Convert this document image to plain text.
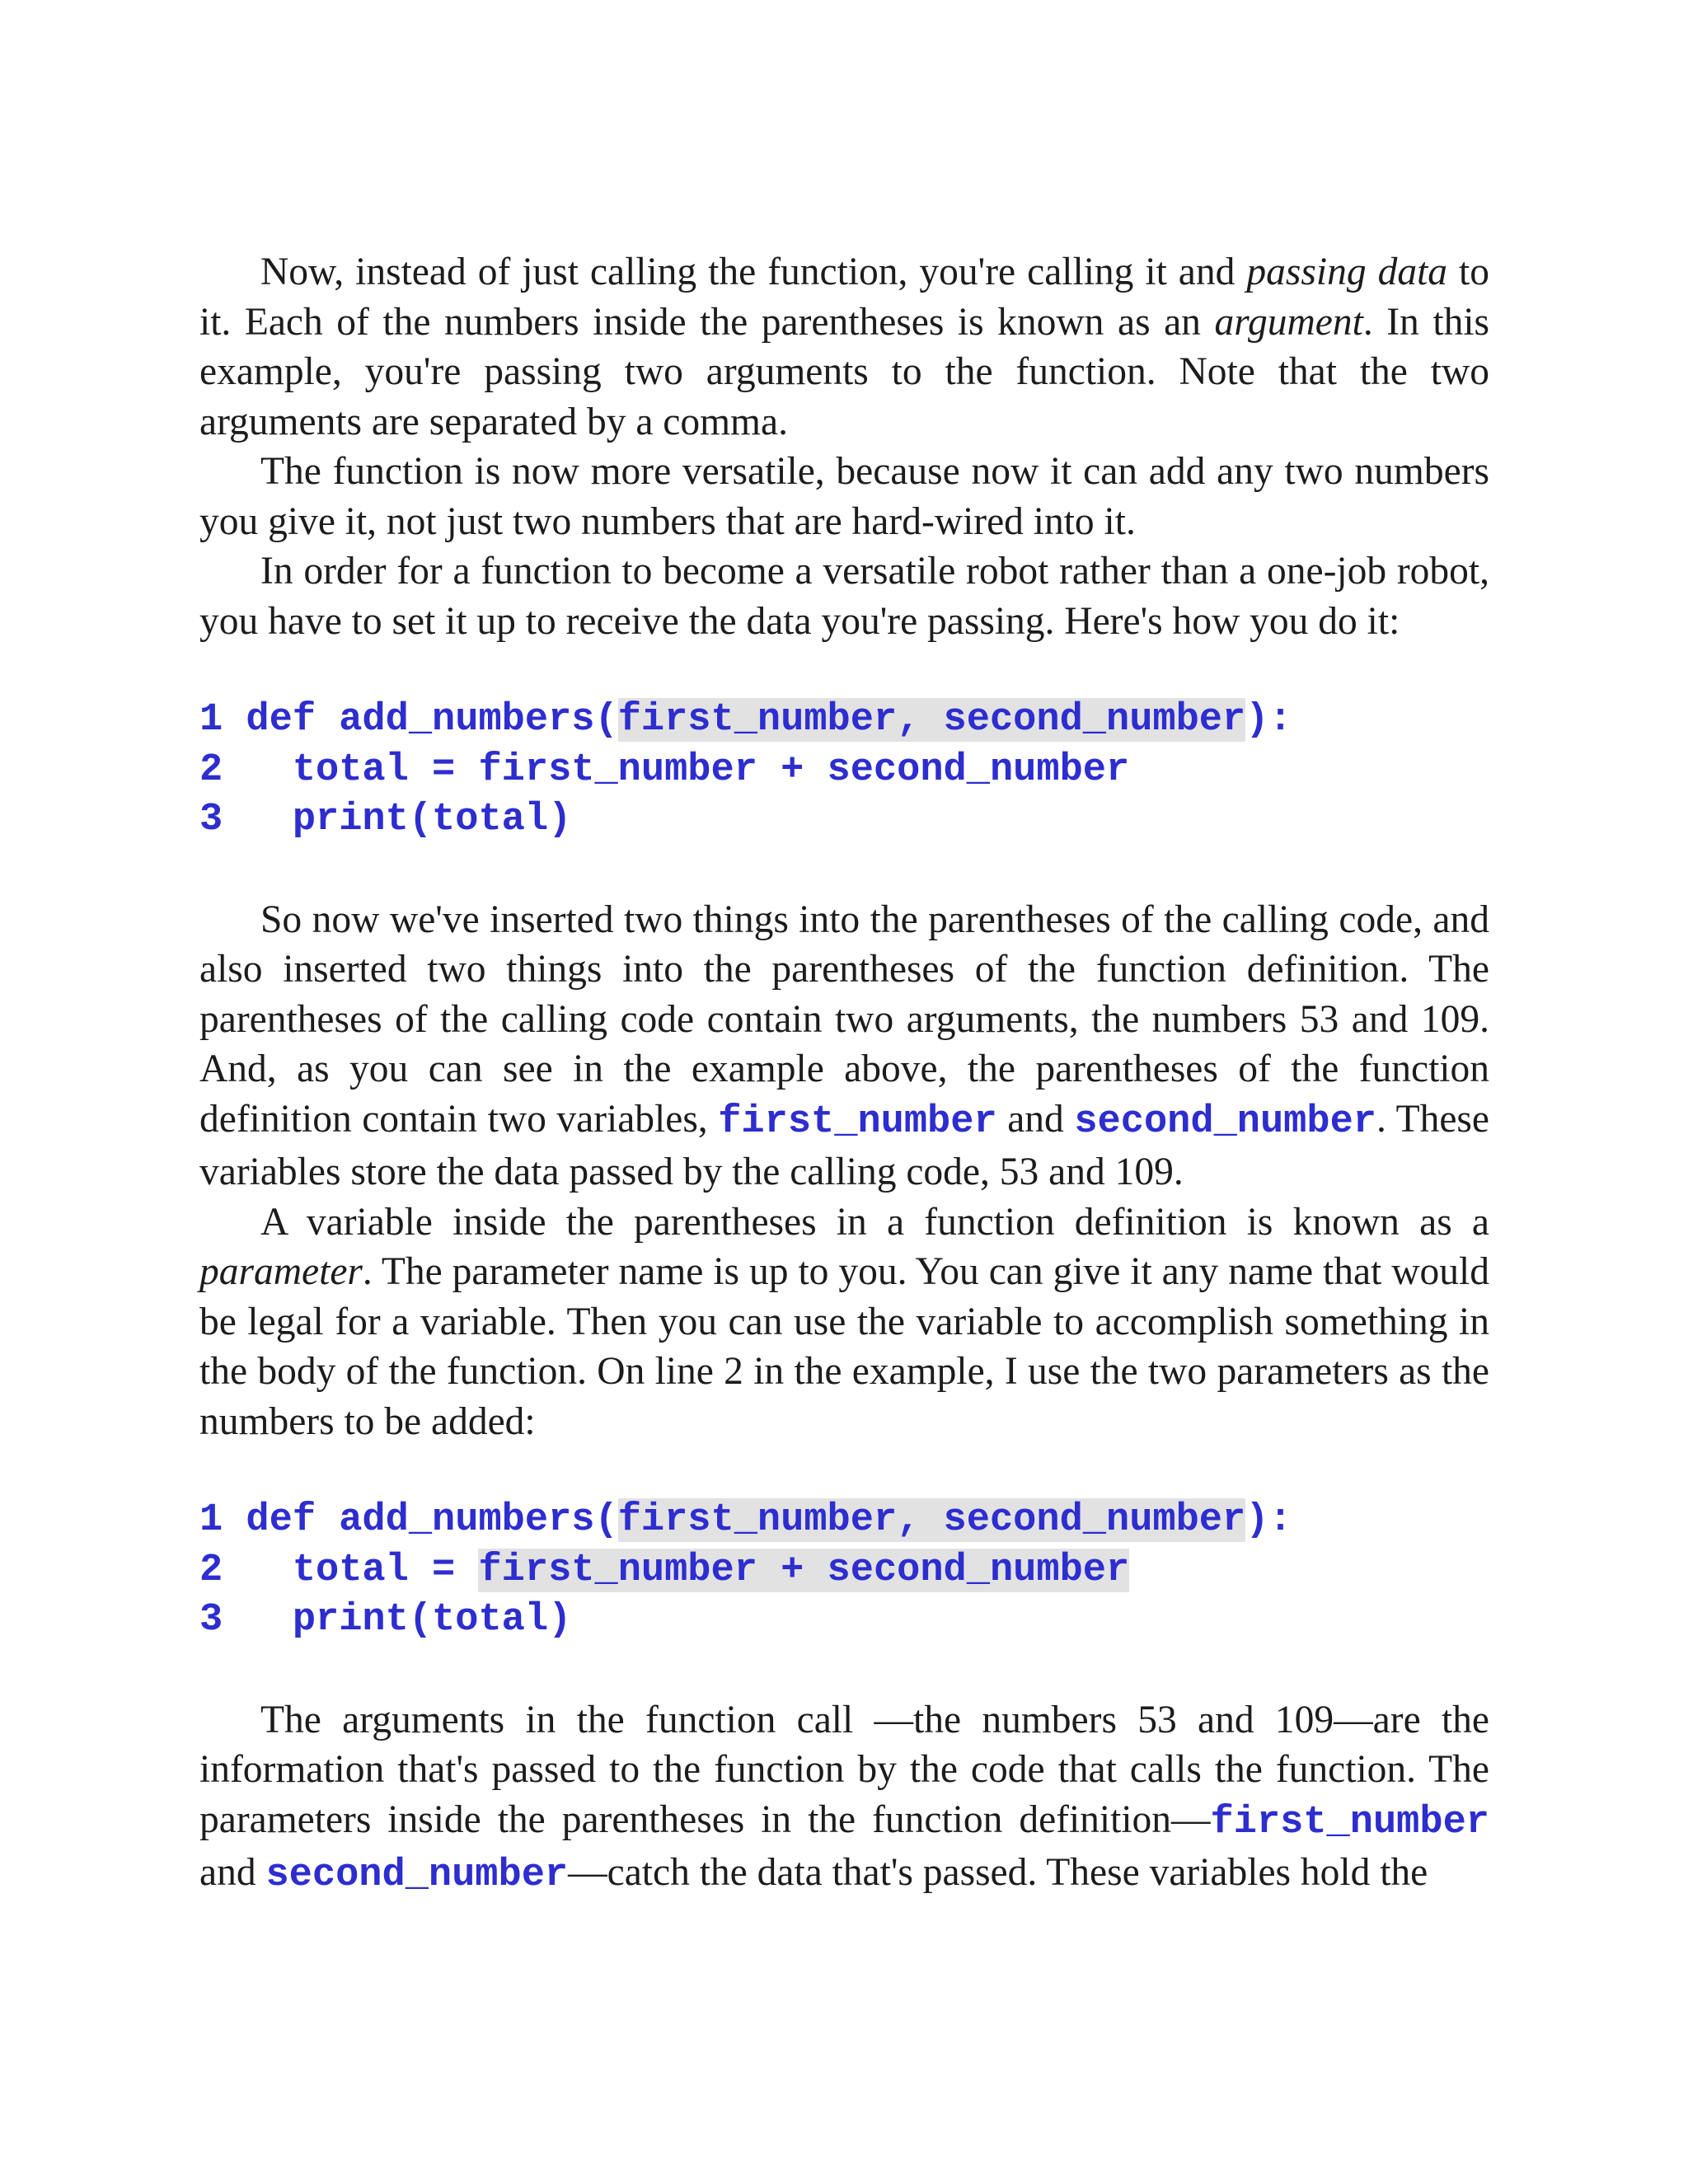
Now, instead of just calling the function, you're calling it and passing data to it. Each of the numbers inside the parentheses is known as an argument. In this example, you're passing two arguments to the function. Note that the two arguments are separated by a comma.

The function is now more versatile, because now it can add any two numbers you give it, not just two numbers that are hard-wired into it.

In order for a function to become a versatile robot rather than a one-job robot, you have to set it up to receive the data you're passing. Here's how you do it:

1 def add_numbers(first_number, second_number):
2   total = first_number + second_number
3   print(total)

So now we've inserted two things into the parentheses of the calling code, and also inserted two things into the parentheses of the function definition. The parentheses of the calling code contain two arguments, the numbers 53 and 109. And, as you can see in the example above, the parentheses of the function definition contain two variables, first_number and second_number. These variables store the data passed by the calling code, 53 and 109.

A variable inside the parentheses in a function definition is known as a parameter. The parameter name is up to you. You can give it any name that would be legal for a variable. Then you can use the variable to accomplish something in the body of the function. On line 2 in the example, I use the two parameters as the numbers to be added:

1 def add_numbers(first_number, second_number):
2   total = first_number + second_number
3   print(total)

The arguments in the function call —the numbers 53 and 109—are the information that's passed to the function by the code that calls the function. The parameters inside the parentheses in the function definition—first_number and second_number—catch the data that's passed. These variables hold the
